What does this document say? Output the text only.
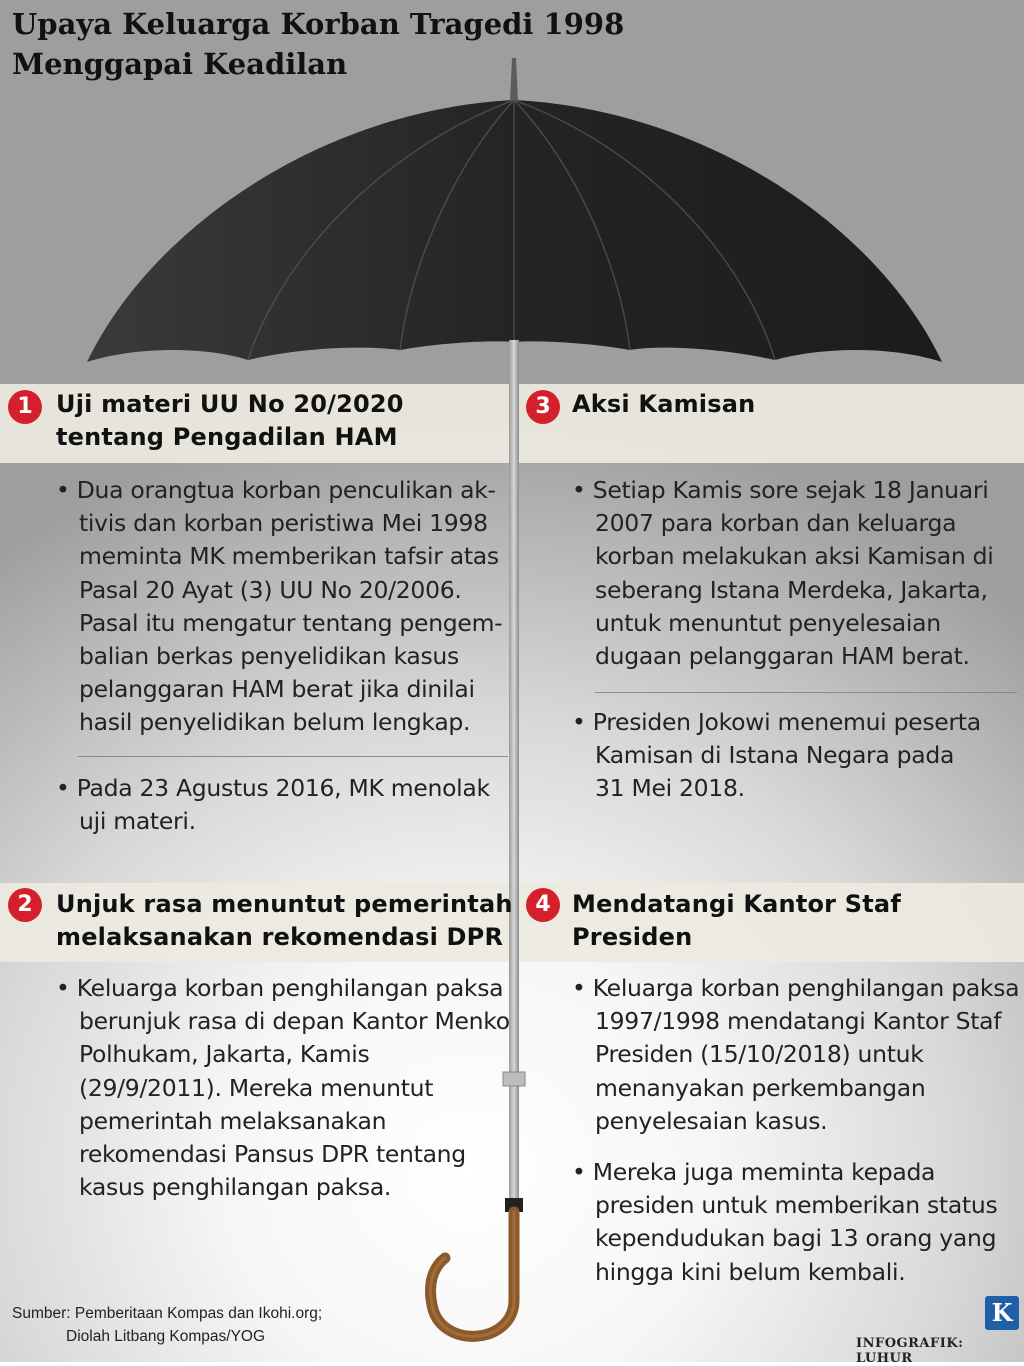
Upaya Keluarga Korban Tragedi 1998
Menggapai Keadilan
1 Uji materi UU No 20/2020
tentang Pengadilan HAM

• Dua orangtua korban penculikan ak-
tivis dan korban peristiwa Mei 1998
meminta MK memberikan tafsir atas
Pasal 20 Ayat (3) UU No 20/2006.
Pasal itu mengatur tentang pengem-
balian berkas penyelidikan kasus
pelanggaran HAM berat jika dinilai
hasil penyelidikan belum lengkap.

• Pada 23 Agustus 2016, MK menolak
uji materi.

3 Aksi Kamisan

• Setiap Kamis sore sejak 18 Januari
2007 para korban dan keluarga
korban melakukan aksi Kamisan di
seberang Istana Merdeka, Jakarta,
untuk menuntut penyelesaian
dugaan pelanggaran HAM berat.

• Presiden Jokowi menemui peserta
Kamisan di Istana Negara pada
31 Mei 2018.

2 Unjuk rasa menuntut pemerintah
melaksanakan rekomendasi DPR

• Keluarga korban penghilangan paksa
berunjuk rasa di depan Kantor Menko
Polhukam, Jakarta, Kamis
(29/9/2011). Mereka menuntut
pemerintah melaksanakan
rekomendasi Pansus DPR tentang
kasus penghilangan paksa.

4 Mendatangi Kantor Staf Presiden

• Keluarga korban penghilangan paksa
1997/1998 mendatangi Kantor Staf
Presiden (15/10/2018) untuk
menanyakan perkembangan
penyelesaian kasus.

• Mereka juga meminta kepada
presiden untuk memberikan status
kependudukan bagi 13 orang yang
hingga kini belum kembali.

Sumber: Pemberitaan Kompas dan Ikohi.org;
Diolah Litbang Kompas/YOG

K

INFOGRAFIK: LUHUR
